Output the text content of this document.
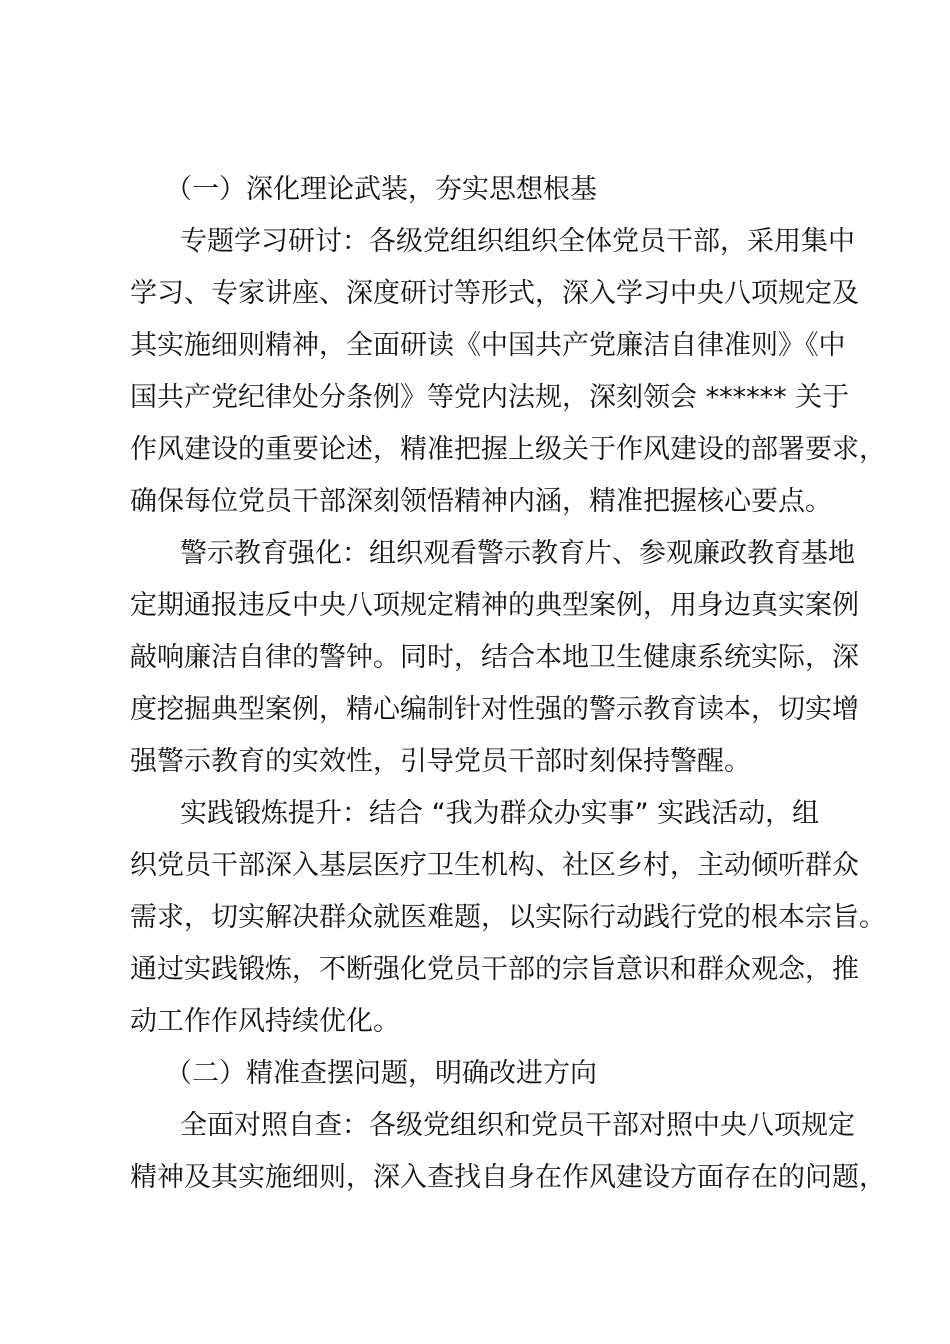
（一）深化理论武装，夯实思想根基
专题学习研讨：各级党组织组织全体党员干部，采用集中
学习、专家讲座、深度研讨等形式，深入学习中央八项规定及
其实施细则精神，全面研读《中国共产党廉洁自律准则》《中
国共产党纪律处分条例》等党内法规，深刻领会 ****** 关于
作风建设的重要论述，精准把握上级关于作风建设的部署要求，
确保每位党员干部深刻领悟精神内涵，精准把握核心要点。
警示教育强化：组织观看警示教育片、参观廉政教育基地
定期通报违反中央八项规定精神的典型案例，用身边真实案例
敲响廉洁自律的警钟。同时，结合本地卫生健康系统实际，深
度挖掘典型案例，精心编制针对性强的警示教育读本，切实增
强警示教育的实效性，引导党员干部时刻保持警醒。
实践锻炼提升：结合 “我为群众办实事” 实践活动，组
织党员干部深入基层医疗卫生机构、社区乡村，主动倾听群众
需求，切实解决群众就医难题，以实际行动践行党的根本宗旨。
通过实践锻炼，不断强化党员干部的宗旨意识和群众观念，推
动工作作风持续优化。
（二）精准查摆问题，明确改进方向
全面对照自查：各级党组织和党员干部对照中央八项规定
精神及其实施细则，深入查找自身在作风建设方面存在的问题，
